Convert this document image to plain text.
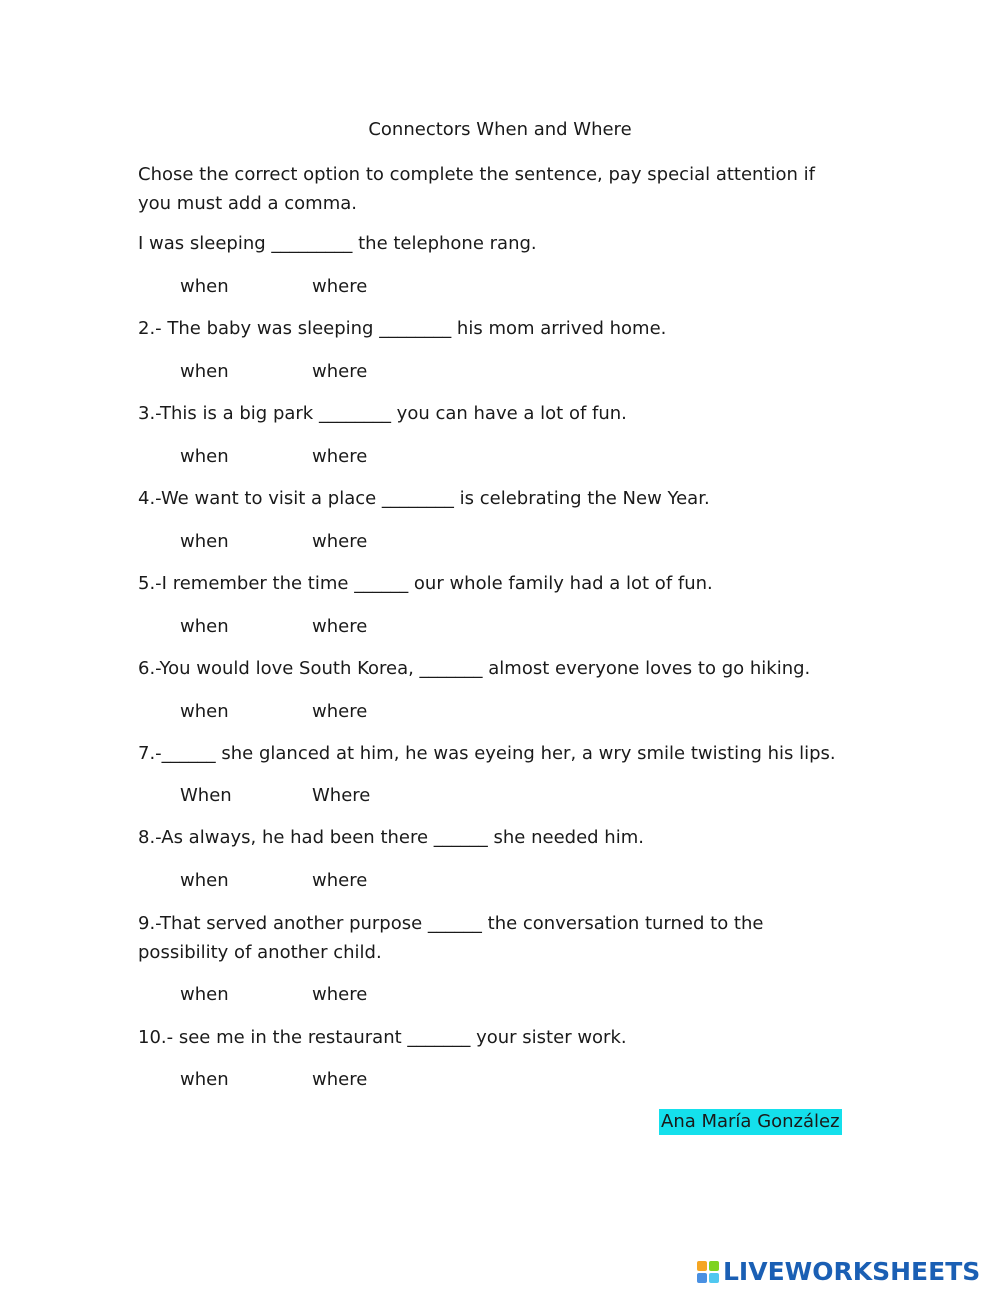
Connectors When and Where
Chose the correct option to complete the sentence, pay special attention if you must add a comma.
I was sleeping _________ the telephone rang.
when	where
2.- The baby was sleeping ________ his mom arrived home.
when	where
3.-This is a big park ________ you can have a lot of fun.
when	where
4.-We want to visit a place ________ is celebrating the New Year.
when	where
5.-I remember the time ______ our whole family had a lot of fun.
when	where
6.-You would love South Korea, _______ almost everyone loves to go hiking.
when	where
7.-______ she glanced at him, he was eyeing her, a wry smile twisting his lips.
When	Where
8.-As always, he had been there ______ she needed him.
when	where
9.-That served another purpose ______ the conversation turned to the possibility of another child.
when	where
10.- see me in the restaurant _______ your sister work.
when	where
Ana María González
LIVEWORKSHEETS
